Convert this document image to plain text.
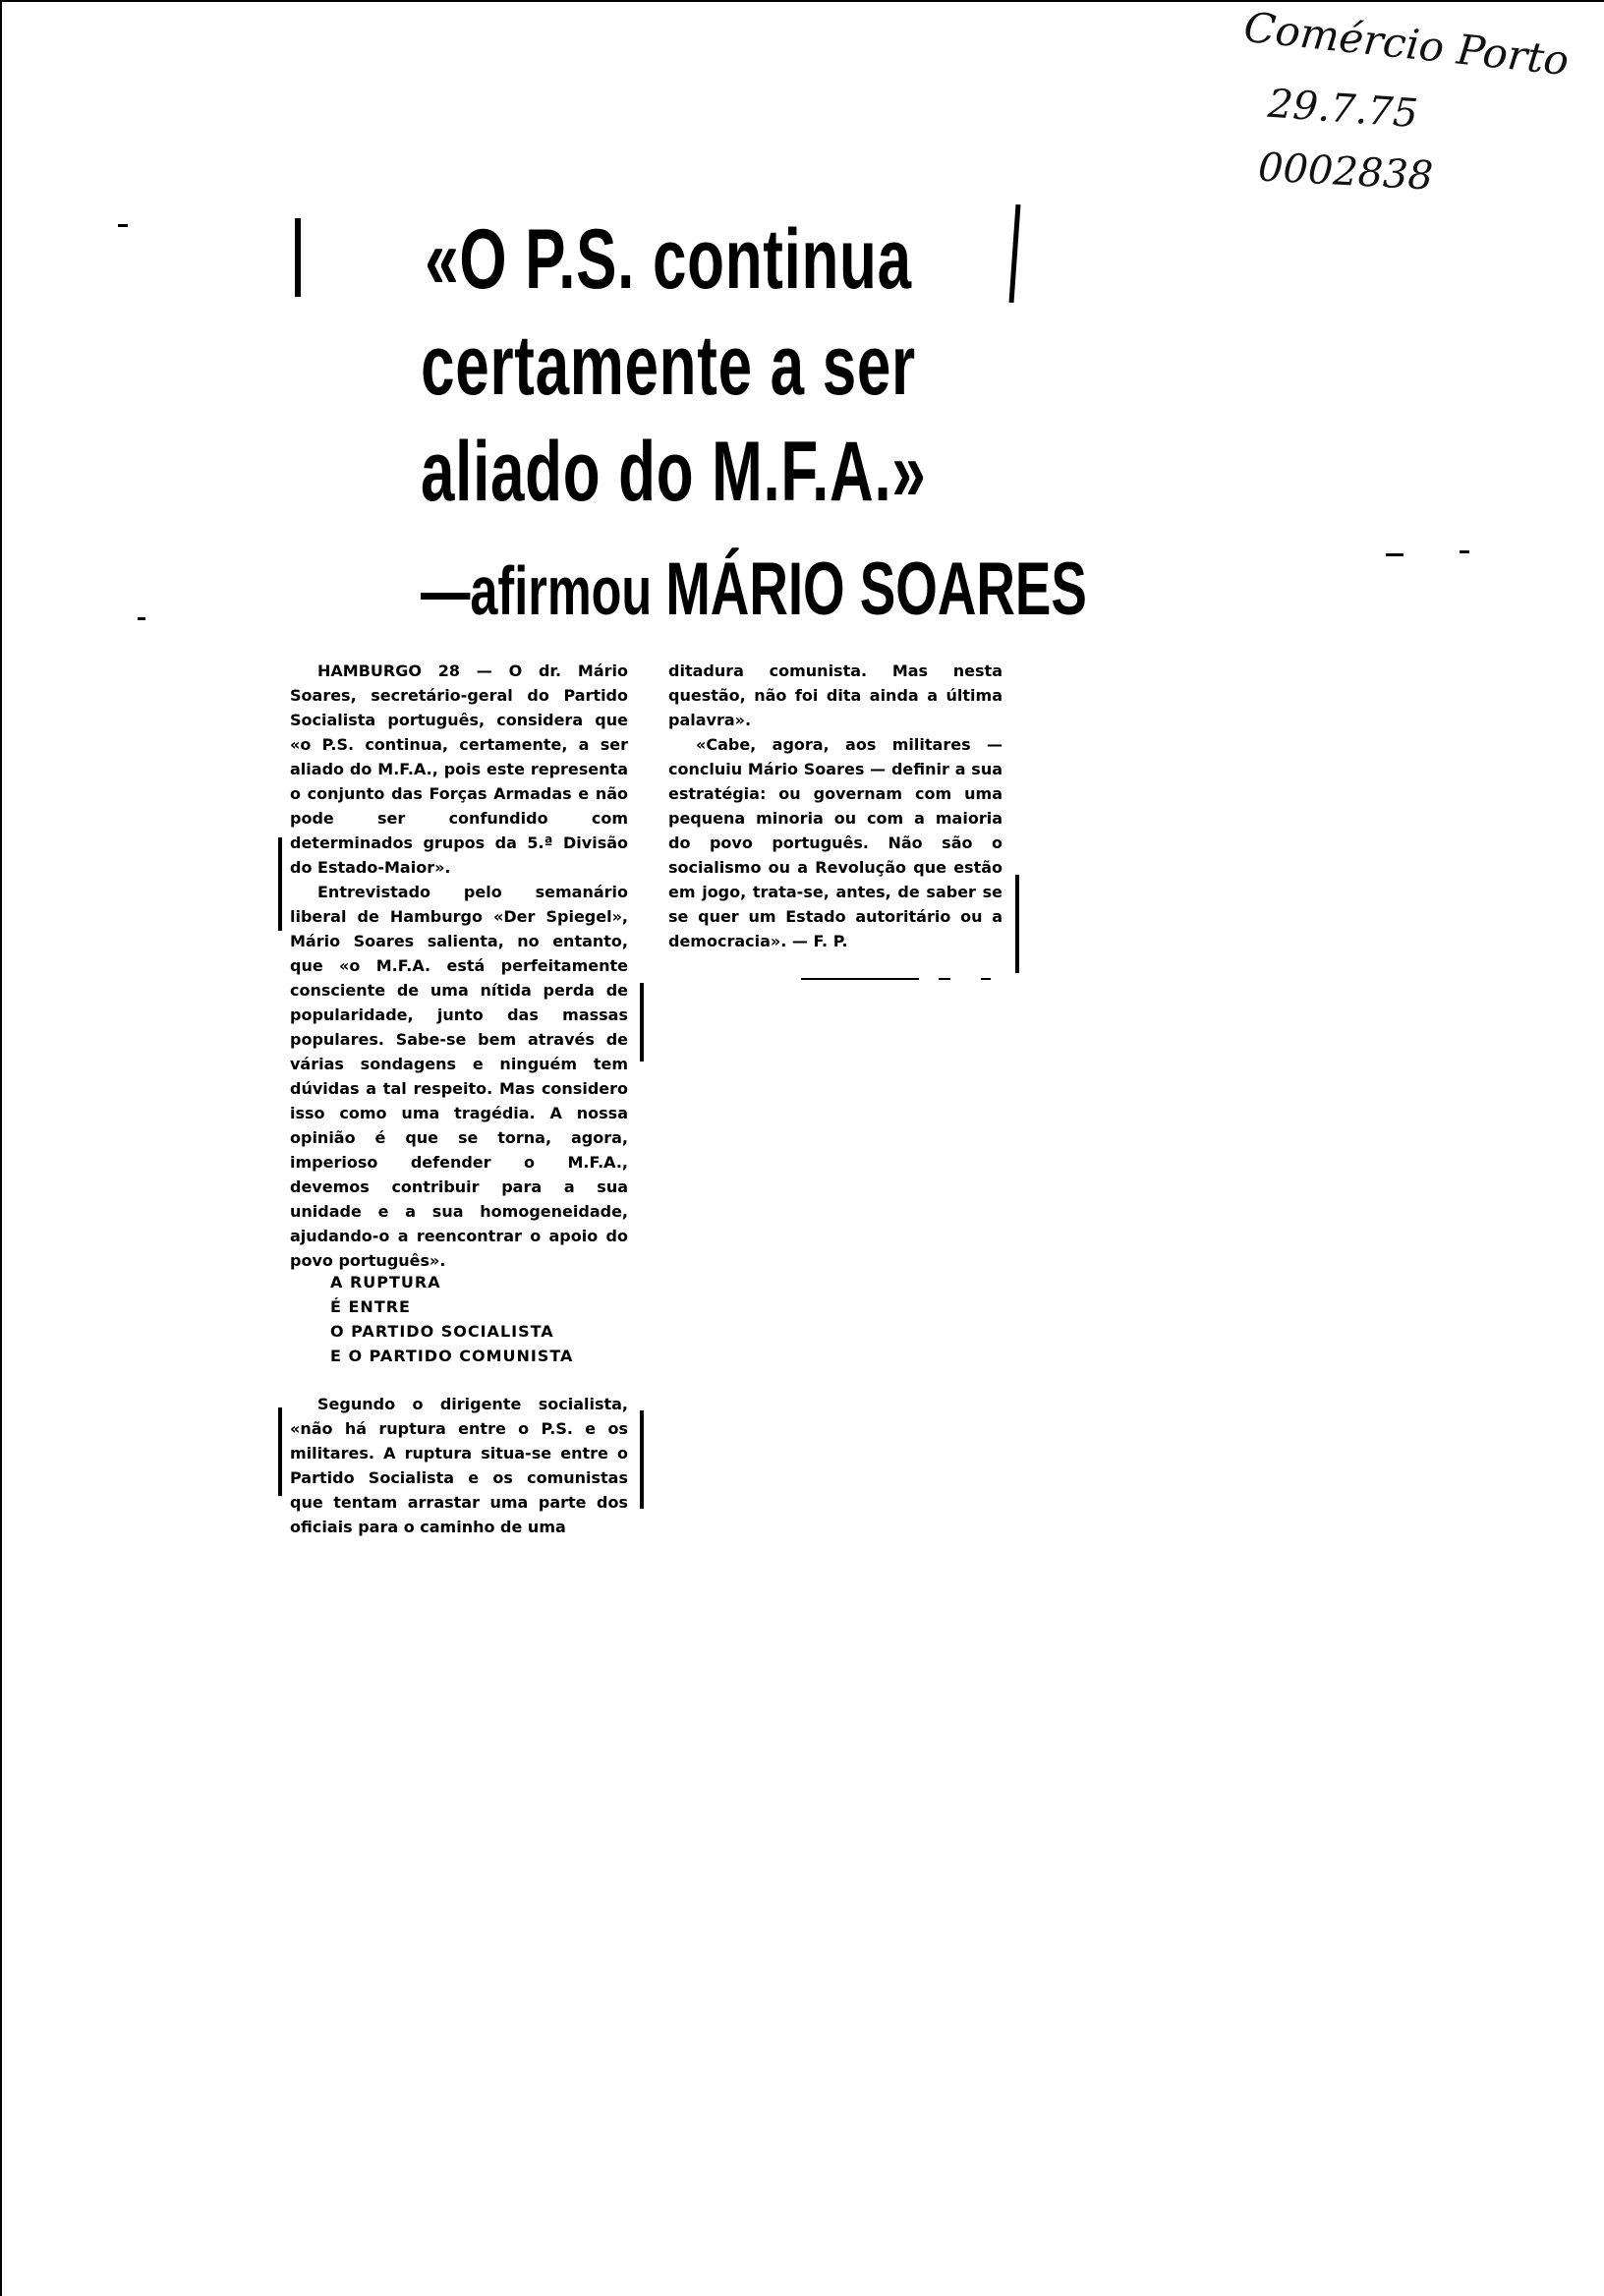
Comércio Porto
29.7.75
0002838
«O P.S. continua
certamente a ser
aliado do M.F.A.»
—afirmou MÁRIO SOARES

HAMBURGO 28 — O dr. Mário Soares, secretário-geral do Partido Socialista português, considera que «o P.S. continua, certamente, a ser aliado do M.F.A., pois este representa o conjunto das Forças Armadas e não pode ser confundido com determinados grupos da 5.ª Divisão do Estado-Maior».

Entrevistado pelo semanário liberal de Hamburgo «Der Spiegel», Mário Soares salienta, no entanto, que «o M.F.A. está perfeitamente consciente de uma nítida perda de popularidade, junto das massas populares. Sabe-se bem através de várias sondagens e ninguém tem dúvidas a tal respeito. Mas considero isso como uma tragédia. A nossa opinião é que se torna, agora, imperioso defender o M.F.A., devemos contribuir para a sua unidade e a sua homogeneidade, ajudando-o a reencontrar o apoio do povo português».

A RUPTURA
É ENTRE
O PARTIDO SOCIALISTA
E O PARTIDO COMUNISTA

Segundo o dirigente socialista, «não há ruptura entre o P.S. e os militares. A ruptura situa-se entre o Partido Socialista e os comunistas que tentam arrastar uma parte dos oficiais para o caminho de uma

ditadura comunista. Mas nesta questão, não foi dita ainda a última palavra».

«Cabe, agora, aos militares — concluiu Mário Soares — definir a sua estratégia: ou governam com uma pequena minoria ou com a maioria do povo português. Não são o socialismo ou a Revolução que estão em jogo, trata-se, antes, de saber se se quer um Estado autoritário ou a democracia». — F. P.
